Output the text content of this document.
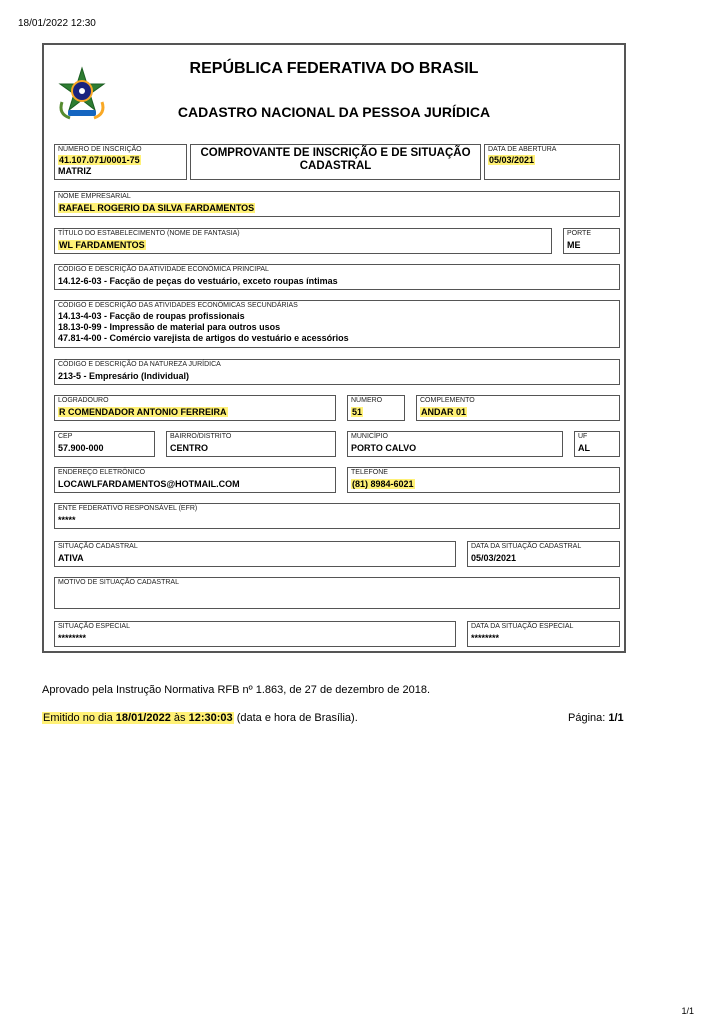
18/01/2022 12:30
REPÚBLICA FEDERATIVA DO BRASIL
CADASTRO NACIONAL DA PESSOA JURÍDICA
NÚMERO DE INSCRIÇÃO
41.107.071/0001-75
MATRIZ
COMPROVANTE DE INSCRIÇÃO E DE SITUAÇÃO CADASTRAL
DATA DE ABERTURA
05/03/2021
NOME EMPRESARIAL
RAFAEL ROGERIO DA SILVA FARDAMENTOS
TÍTULO DO ESTABELECIMENTO (NOME DE FANTASIA)
WL FARDAMENTOS
PORTE
ME
CÓDIGO E DESCRIÇÃO DA ATIVIDADE ECONÔMICA PRINCIPAL
14.12-6-03 - Facção de peças do vestuário, exceto roupas íntimas
CÓDIGO E DESCRIÇÃO DAS ATIVIDADES ECONÔMICAS SECUNDÁRIAS
14.13-4-03 - Facção de roupas profissionais
18.13-0-99 - Impressão de material para outros usos
47.81-4-00 - Comércio varejista de artigos do vestuário e acessórios
CÓDIGO E DESCRIÇÃO DA NATUREZA JURÍDICA
213-5 - Empresário (Individual)
LOGRADOURO
R COMENDADOR ANTONIO FERREIRA
NÚMERO
51
COMPLEMENTO
ANDAR 01
CEP
57.900-000
BAIRRO/DISTRITO
CENTRO
MUNICÍPIO
PORTO CALVO
UF
AL
ENDEREÇO ELETRÔNICO
LOCAWLFARDAMENTOS@HOTMAIL.COM
TELEFONE
(81) 8984-6021
ENTE FEDERATIVO RESPONSÁVEL (EFR)
*****
SITUAÇÃO CADASTRAL
ATIVA
DATA DA SITUAÇÃO CADASTRAL
05/03/2021
MOTIVO DE SITUAÇÃO CADASTRAL
SITUAÇÃO ESPECIAL
********
DATA DA SITUAÇÃO ESPECIAL
********
Aprovado pela Instrução Normativa RFB nº 1.863, de 27 de dezembro de 2018.
Emitido no dia 18/01/2022 às 12:30:03 (data e hora de Brasília).	Página: 1/1
1/1
